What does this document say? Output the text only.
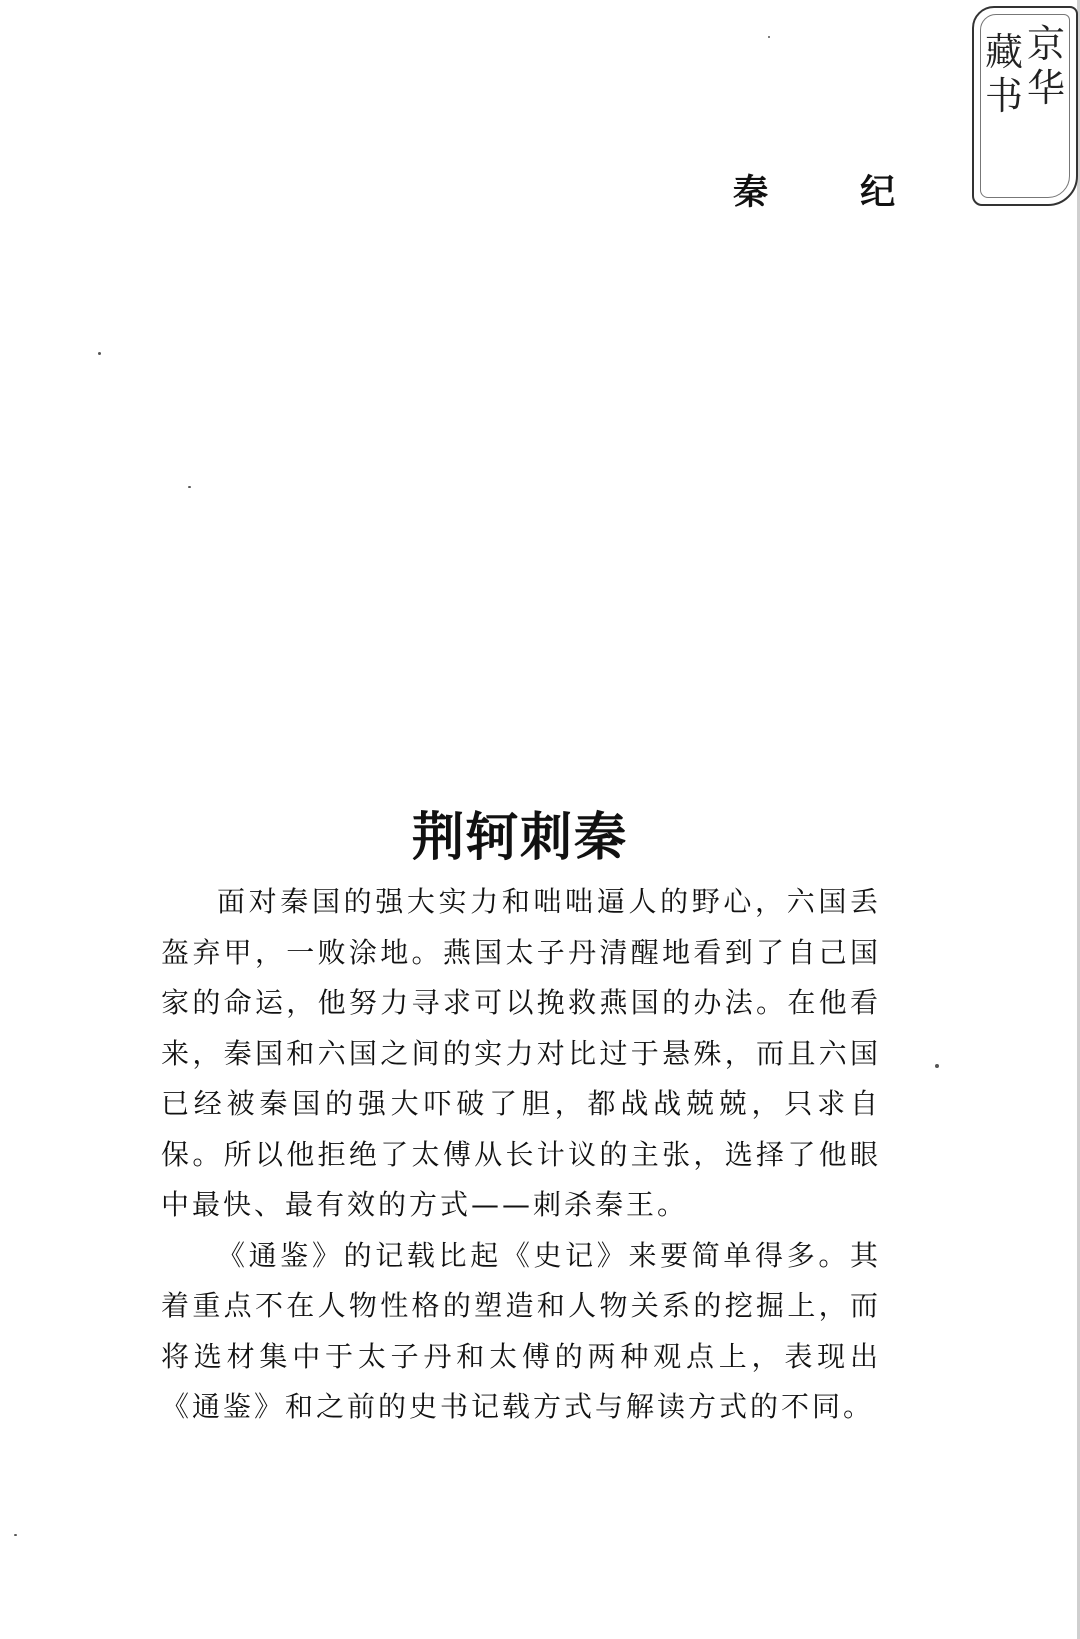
京
华
藏
书
秦 纪
荆轲刺秦

面对秦国的强大实力和咄咄逼人的野心，六国丢盔弃甲，一败涂地。燕国太子丹清醒地看到了自己国家的命运，他努力寻求可以挽救燕国的办法。在他看来，秦国和六国之间的实力对比过于悬殊，而且六国已经被秦国的强大吓破了胆，都战战兢兢，只求自保。所以他拒绝了太傅从长计议的主张，选择了他眼中最快、最有效的方式——刺杀秦王。

《通鉴》的记载比起《史记》来要简单得多。其着重点不在人物性格的塑造和人物关系的挖掘上，而将选材集中于太子丹和太傅的两种观点上，表现出《通鉴》和之前的史书记载方式与解读方式的不同。
